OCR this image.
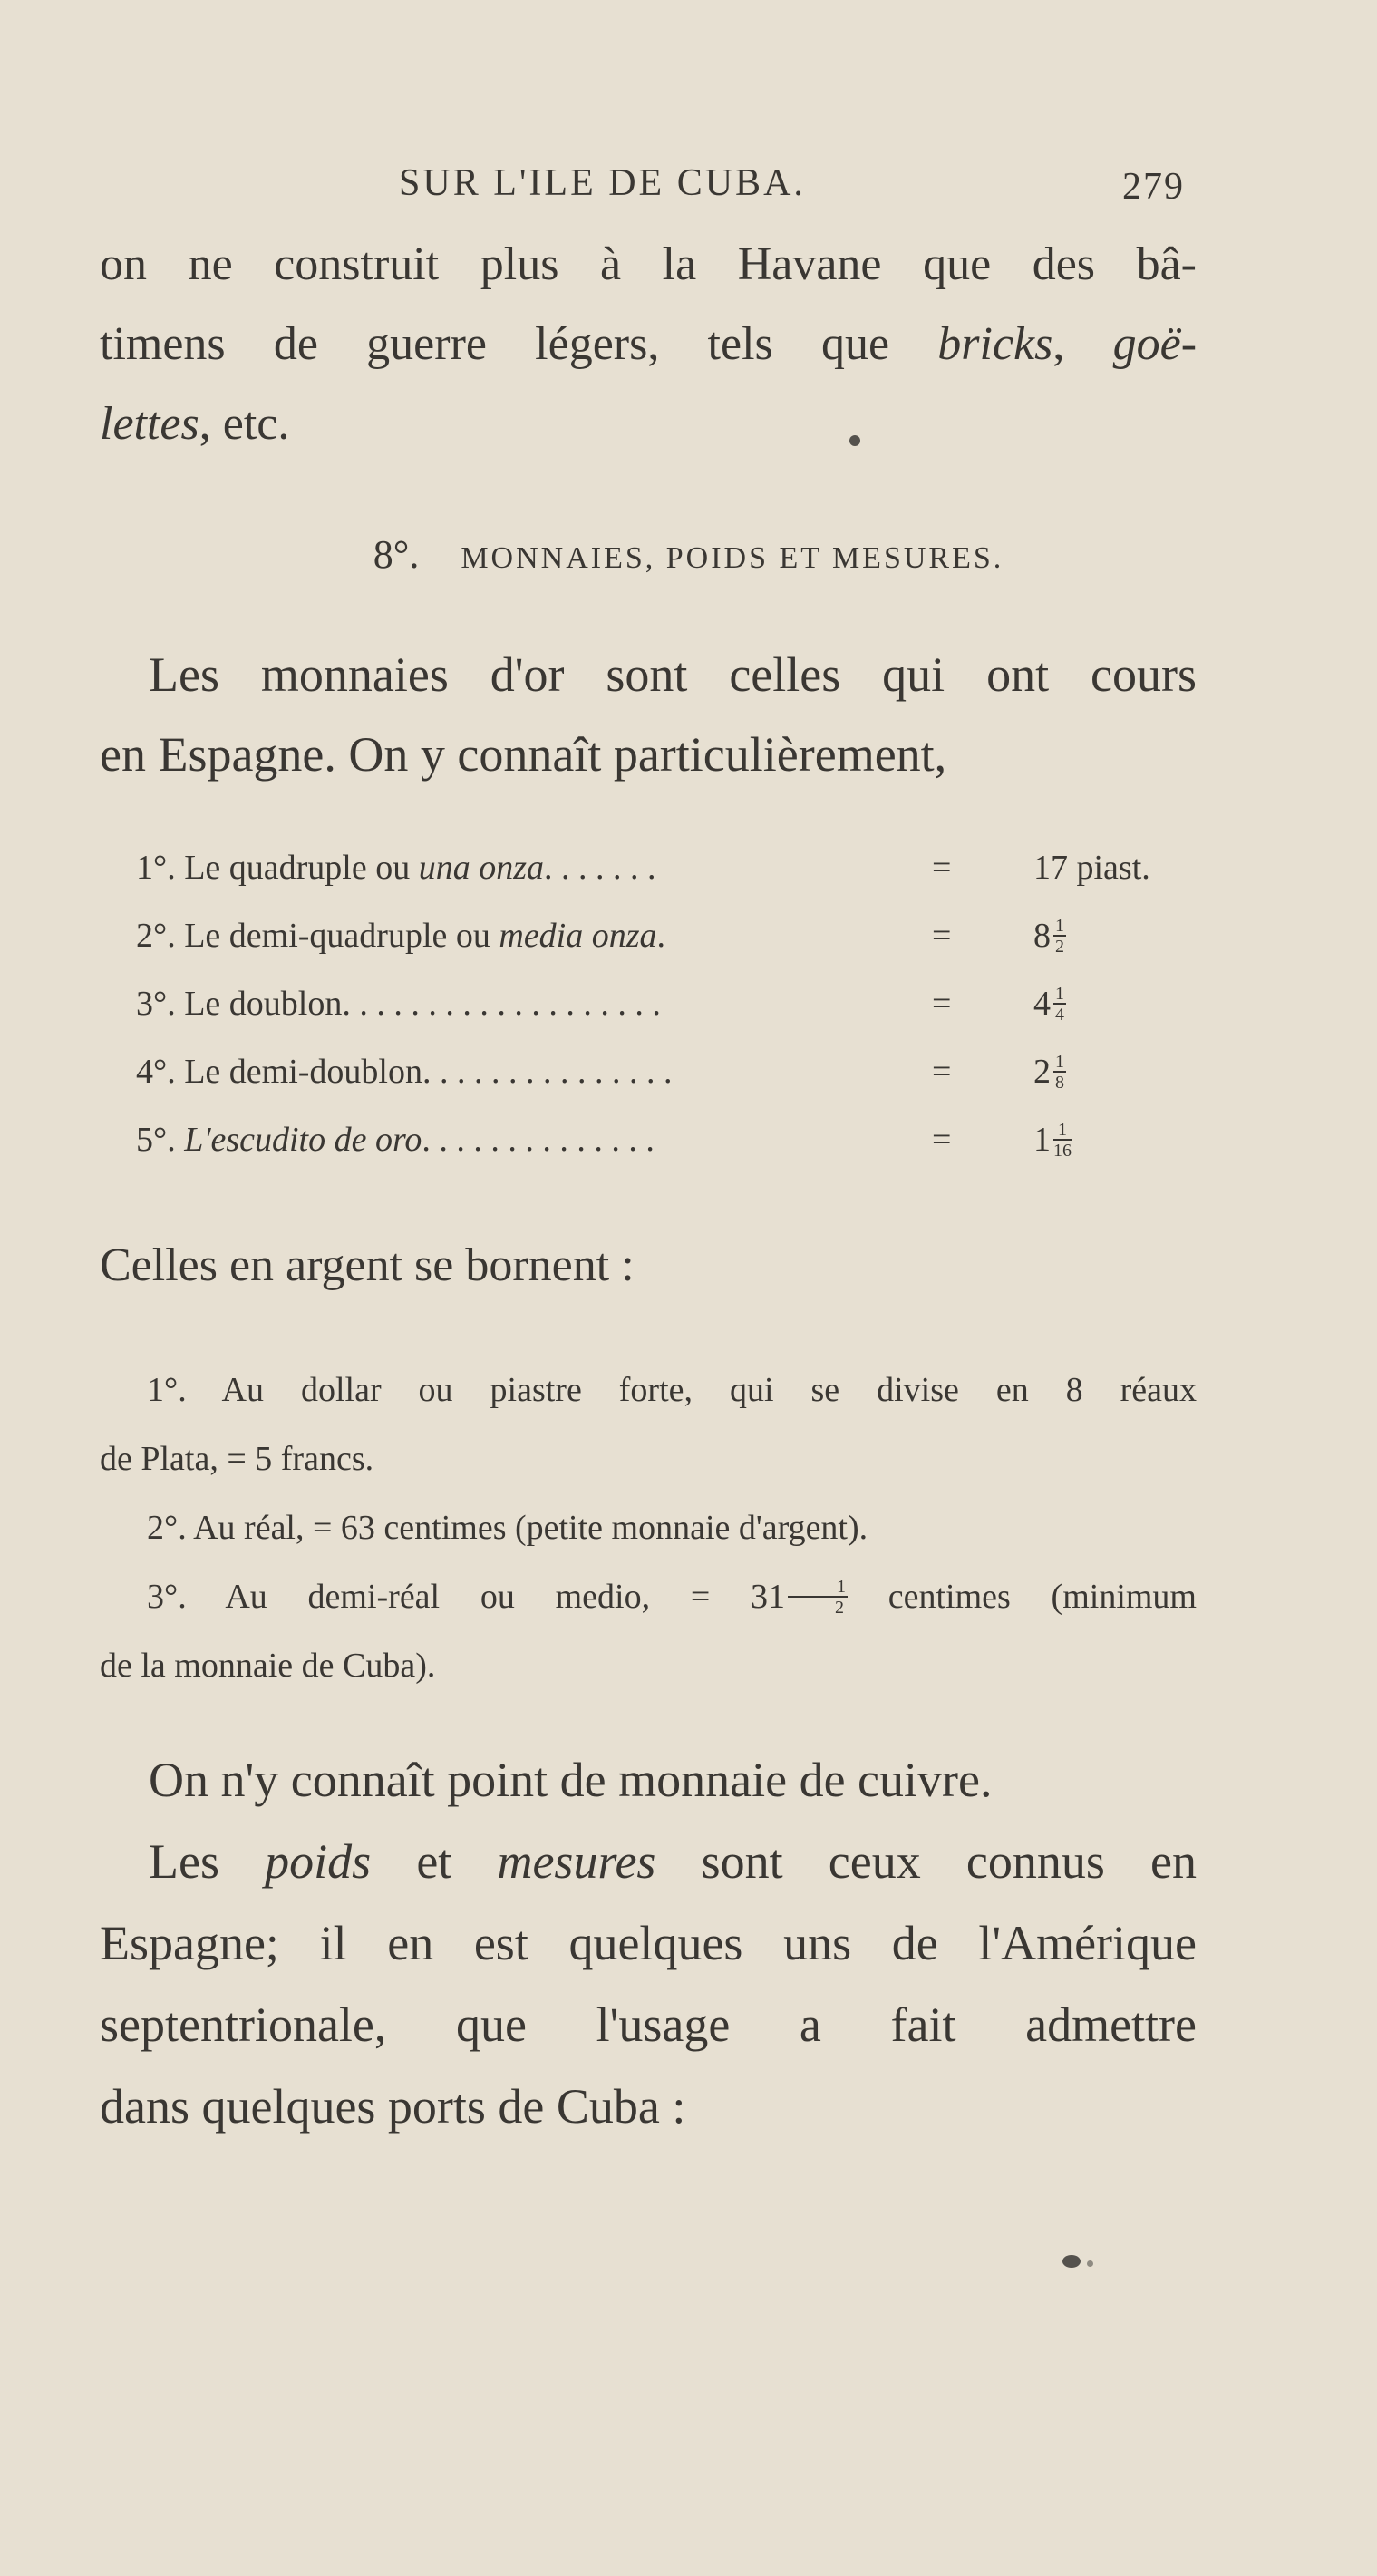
SUR L'ILE DE CUBA.	279

on ne construit plus à la Havane que des bâ-

timens de guerre légers, tels que bricks, goë-

lettes, etc.

8°. MONNAIES, POIDS ET MESURES.

Les monnaies d'or sont celles qui ont cours

en Espagne. On y connaît particulièrement,

1°. Le quadruple ou una onza. . . . . . .	= 17 piast.
2°. Le demi-quadruple ou media onza.	= $8 \frac{1}{2}$
3°. Le doublon. . . . . . . . . . . . . . . . . . .	= $4 \frac{1}{4}$
4°. Le demi-doublon. . . . . . . . . . . . . . .	= $2 \frac{1}{8}$
5°. L'escudito de oro. . . . . . . . . . . . . .	= $1 \frac{1}{16}$

Celles en argent se bornent :

1°. Au dollar ou piastre forte, qui se divise en 8 réaux

de Plata, = 5 francs.

2°. Au réal, = 63 centimes (petite monnaie d'argent).

3°. Au demi-réal ou medio, = $31 \frac{1}{2}$ centimes (minimum

de la monnaie de Cuba).

On n'y connaît point de monnaie de cuivre.

Les poids et mesures sont ceux connus en

Espagne; il en est quelques uns de l'Amérique

septentrionale, que l'usage a fait admettre

dans quelques ports de Cuba :
